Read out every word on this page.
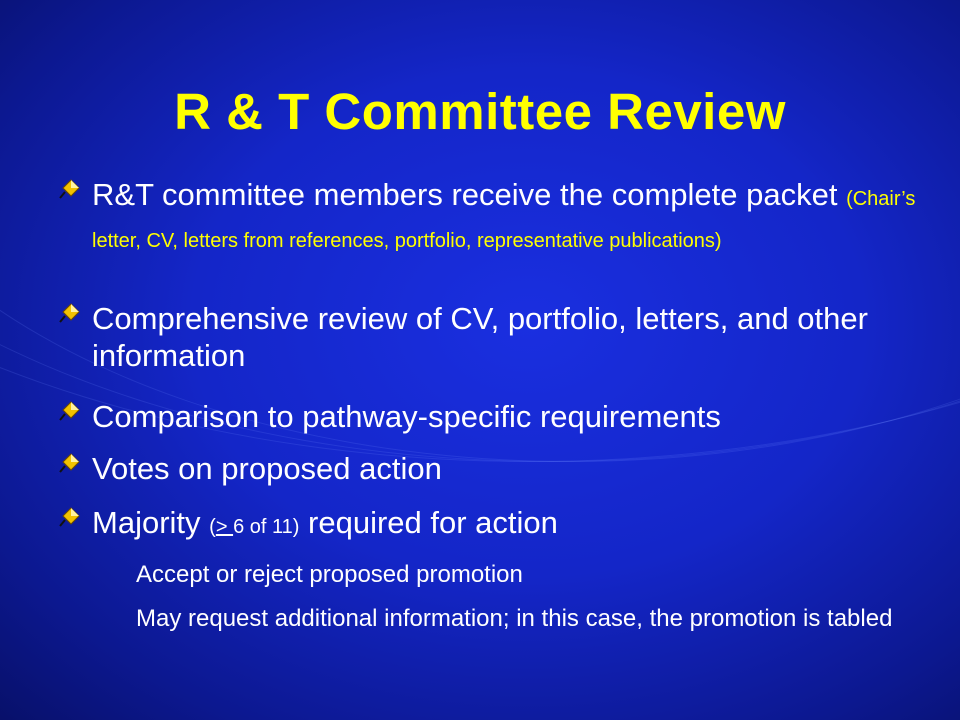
R & T Committee Review
R&T committee members receive the complete packet (Chair’s letter, CV, letters from references, portfolio, representative publications)
Comprehensive review of CV, portfolio, letters, and other information
Comparison to pathway-specific requirements
Votes on proposed action
Majority (> 6 of 11) required for action
Accept or reject proposed promotion
May request additional information; in this case, the promotion is tabled
